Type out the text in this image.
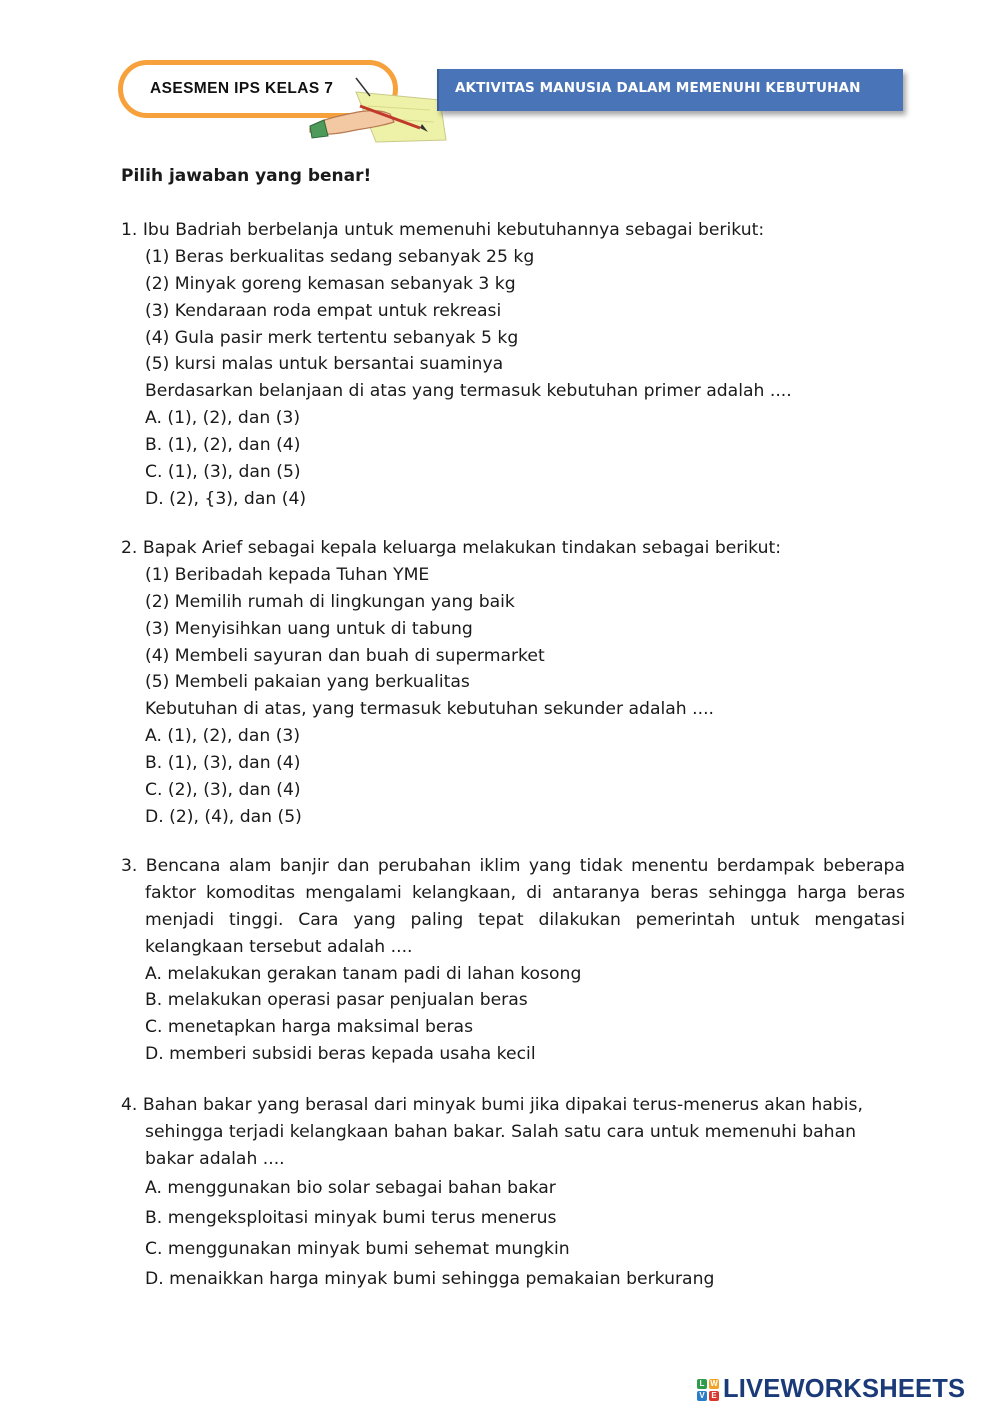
ASESMEN IPS KELAS 7	AKTIVITAS MANUSIA DALAM MEMENUHI KEBUTUHAN
Pilih jawaban yang benar!
1. Ibu Badriah berbelanja untuk memenuhi kebutuhannya sebagai berikut:
(1) Beras berkualitas sedang sebanyak 25 kg
(2) Minyak goreng kemasan sebanyak 3 kg
(3) Kendaraan roda empat untuk rekreasi
(4) Gula pasir merk tertentu sebanyak 5 kg
(5) kursi malas untuk bersantai suaminya
Berdasarkan belanjaan di atas yang termasuk kebutuhan primer adalah ....
A. (1), (2), dan (3)
B. (1), (2), dan (4)
C. (1), (3), dan (5)
D. (2), {3), dan (4)
2. Bapak Arief sebagai kepala keluarga melakukan tindakan sebagai berikut:
(1) Beribadah kepada Tuhan YME
(2) Memilih rumah di lingkungan yang baik
(3) Menyisihkan uang untuk di tabung
(4) Membeli sayuran dan buah di supermarket
(5) Membeli pakaian yang berkualitas
Kebutuhan di atas, yang termasuk kebutuhan sekunder adalah ....
A. (1), (2), dan (3)
B. (1), (3), dan (4)
C. (2), (3), dan (4)
D. (2), (4), dan (5)
3. Bencana alam banjir dan perubahan iklim yang tidak menentu berdampak beberapa
faktor komoditas mengalami kelangkaan, di antaranya beras sehingga harga beras
menjadi tinggi. Cara yang paling tepat dilakukan pemerintah untuk mengatasi
kelangkaan tersebut adalah ....
A. melakukan gerakan tanam padi di lahan kosong
B. melakukan operasi pasar penjualan beras
C. menetapkan harga maksimal beras
D. memberi subsidi beras kepada usaha kecil
4. Bahan bakar yang berasal dari minyak bumi jika dipakai terus-menerus akan habis,
sehingga terjadi kelangkaan bahan bakar. Salah satu cara untuk memenuhi bahan
bakar adalah ....
A. menggunakan bio solar sebagai bahan bakar
B. mengeksploitasi minyak bumi terus menerus
C. menggunakan minyak bumi sehemat mungkin
D. menaikkan harga minyak bumi sehingga pemakaian berkurang
L W
V E LIVEWORKSHEETS
